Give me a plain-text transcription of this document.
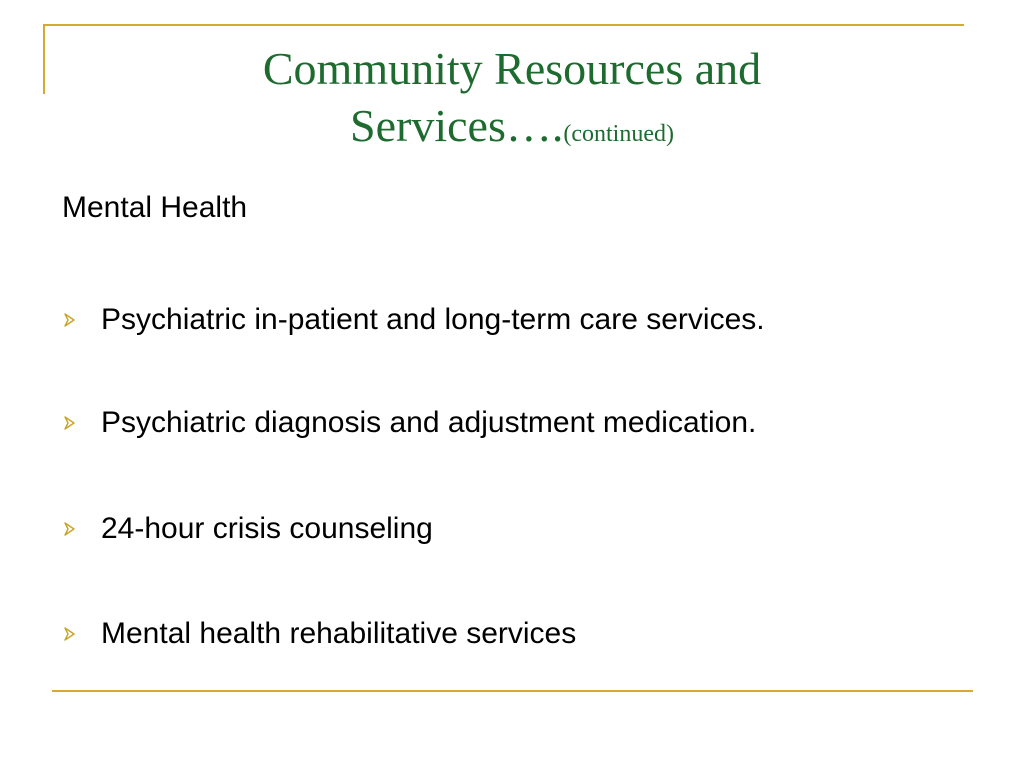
Community Resources and
Services….(continued)
Mental Health
Psychiatric in-patient and long-term care services.
Psychiatric diagnosis and adjustment medication.
24-hour crisis counseling
Mental health rehabilitative services
